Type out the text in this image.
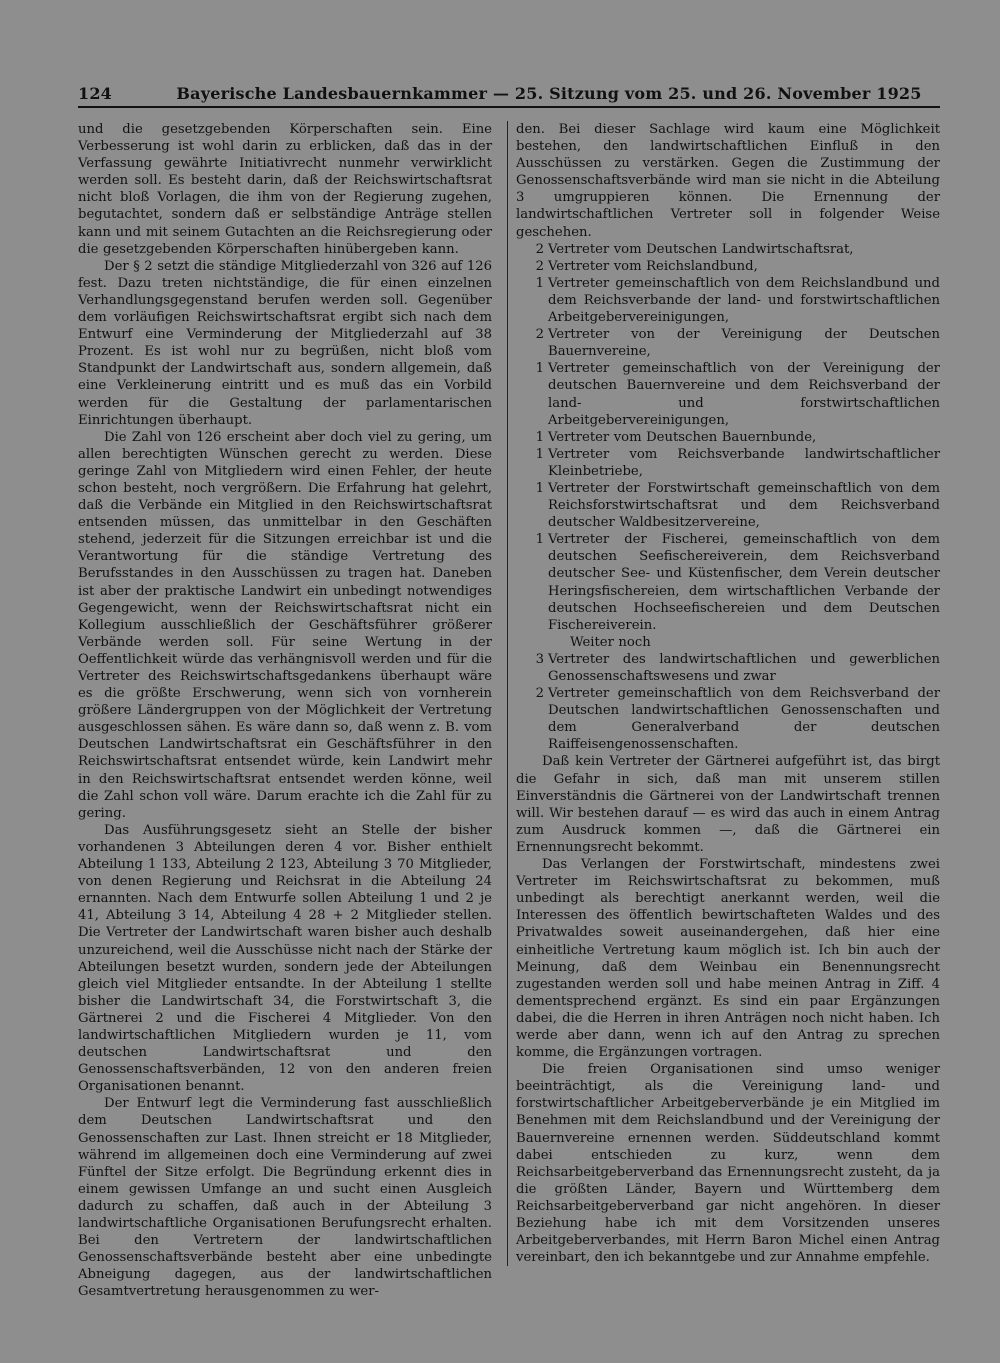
124	Bayerische Landesbauernkammer — 25. Sitzung vom 25. und 26. November 1925

und die gesetzgebenden Körperschaften sein. Eine Verbesserung ist wohl darin zu erblicken, daß das in der Verfassung gewährte Initiativrecht nunmehr verwirklicht werden soll. Es besteht darin, daß der Reichswirtschaftsrat nicht bloß Vorlagen, die ihm von der Regierung zugehen, begutachtet, sondern daß er selbständige Anträge stellen kann und mit seinem Gutachten an die Reichsregierung oder die gesetzgebenden Körperschaften hinübergeben kann.

Der § 2 setzt die ständige Mitgliederzahl von 326 auf 126 fest. Dazu treten nichtständige, die für einen einzelnen Verhandlungsgegenstand berufen werden soll. Gegenüber dem vorläufigen Reichswirtschaftsrat ergibt sich nach dem Entwurf eine Verminderung der Mitgliederzahl auf 38 Prozent. Es ist wohl nur zu begrüßen, nicht bloß vom Standpunkt der Landwirtschaft aus, sondern allgemein, daß eine Verkleinerung eintritt und es muß das ein Vorbild werden für die Gestaltung der parlamentarischen Einrichtungen überhaupt.

Die Zahl von 126 erscheint aber doch viel zu gering, um allen berechtigten Wünschen gerecht zu werden. Diese geringe Zahl von Mitgliedern wird einen Fehler, der heute schon besteht, noch vergrößern. Die Erfahrung hat gelehrt, daß die Verbände ein Mitglied in den Reichswirtschaftsrat entsenden müssen, das unmittelbar in den Geschäften stehend, jederzeit für die Sitzungen erreichbar ist und die Verantwortung für die ständige Vertretung des Berufsstandes in den Ausschüssen zu tragen hat. Daneben ist aber der praktische Landwirt ein unbedingt notwendiges Gegengewicht, wenn der Reichswirtschaftsrat nicht ein Kollegium ausschließlich der Geschäftsführer größerer Verbände werden soll. Für seine Wertung in der Oeffentlichkeit würde das verhängnisvoll werden und für die Vertreter des Reichswirtschaftsgedankens überhaupt wäre es die größte Erschwerung, wenn sich von vornherein größere Ländergruppen von der Möglichkeit der Vertretung ausgeschlossen sähen. Es wäre dann so, daß wenn z. B. vom Deutschen Landwirtschaftsrat ein Geschäftsführer in den Reichswirtschaftsrat entsendet würde, kein Landwirt mehr in den Reichswirtschaftsrat entsendet werden könne, weil die Zahl schon voll wäre. Darum erachte ich die Zahl für zu gering.

Das Ausführungsgesetz sieht an Stelle der bisher vorhandenen 3 Abteilungen deren 4 vor. Bisher enthielt Abteilung 1 133, Abteilung 2 123, Abteilung 3 70 Mitglieder, von denen Regierung und Reichsrat in die Abteilung 24 ernannten. Nach dem Entwurfe sollen Abteilung 1 und 2 je 41, Abteilung 3 14, Abteilung 4 28 + 2 Mitglieder stellen. Die Vertreter der Landwirtschaft waren bisher auch deshalb unzureichend, weil die Ausschüsse nicht nach der Stärke der Abteilungen besetzt wurden, sondern jede der Abteilungen gleich viel Mitglieder entsandte. In der Abteilung 1 stellte bisher die Landwirtschaft 34, die Forstwirtschaft 3, die Gärtnerei 2 und die Fischerei 4 Mitglieder. Von den landwirtschaftlichen Mitgliedern wurden je 11, vom deutschen Landwirtschaftsrat und den Genossenschaftsverbänden, 12 von den anderen freien Organisationen benannt.

Der Entwurf legt die Verminderung fast ausschließlich dem Deutschen Landwirtschaftsrat und den Genossenschaften zur Last. Ihnen streicht er 18 Mitglieder, während im allgemeinen doch eine Verminderung auf zwei Fünftel der Sitze erfolgt. Die Begründung erkennt dies in einem gewissen Umfange an und sucht einen Ausgleich dadurch zu schaffen, daß auch in der Abteilung 3 landwirtschaftliche Organisationen Berufungsrecht erhalten. Bei den Vertretern der landwirtschaftlichen Genossenschaftsverbände besteht aber eine unbedingte Abneigung dagegen, aus der landwirtschaftlichen Gesamtvertretung herausgenommen zu wer-

den. Bei dieser Sachlage wird kaum eine Möglichkeit bestehen, den landwirtschaftlichen Einfluß in den Ausschüssen zu verstärken. Gegen die Zustimmung der Genossenschaftsverbände wird man sie nicht in die Abteilung 3 umgruppieren können. Die Ernennung der landwirtschaftlichen Vertreter soll in folgender Weise geschehen.

2 Vertreter vom Deutschen Landwirtschaftsrat,
2 Vertreter vom Reichslandbund,
1 Vertreter gemeinschaftlich von dem Reichslandbund und dem Reichsverbande der land- und forstwirtschaftlichen Arbeitgebervereinigungen,
2 Vertreter von der Vereinigung der Deutschen Bauernvereine,
1 Vertreter gemeinschaftlich von der Vereinigung der deutschen Bauernvereine und dem Reichsverband der land- und forstwirtschaftlichen Arbeitgebervereinigungen,
1 Vertreter vom Deutschen Bauernbunde,
1 Vertreter vom Reichsverbande landwirtschaftlicher Kleinbetriebe,
1 Vertreter der Forstwirtschaft gemeinschaftlich von dem Reichsforstwirtschaftsrat und dem Reichsverband deutscher Waldbesitzervereine,
1 Vertreter der Fischerei, gemeinschaftlich von dem deutschen Seefischereiverein, dem Reichsverband deutscher See- und Küstenfischer, dem Verein deutscher Heringsfischereien, dem wirtschaftlichen Verbande der deutschen Hochseefischereien und dem Deutschen Fischereiverein.

Weiter noch

3 Vertreter des landwirtschaftlichen und gewerblichen Genossenschaftswesens und zwar
2 Vertreter gemeinschaftlich von dem Reichsverband der Deutschen landwirtschaftlichen Genossenschaften und dem Generalverband der deutschen Raiffeisengenossenschaften.

Daß kein Vertreter der Gärtnerei aufgeführt ist, das birgt die Gefahr in sich, daß man mit unserem stillen Einverständnis die Gärtnerei von der Landwirtschaft trennen will. Wir bestehen darauf — es wird das auch in einem Antrag zum Ausdruck kommen —, daß die Gärtnerei ein Ernennungsrecht bekommt.

Das Verlangen der Forstwirtschaft, mindestens zwei Vertreter im Reichswirtschaftsrat zu bekommen, muß unbedingt als berechtigt anerkannt werden, weil die Interessen des öffentlich bewirtschafteten Waldes und des Privatwaldes soweit auseinandergehen, daß hier eine einheitliche Vertretung kaum möglich ist. Ich bin auch der Meinung, daß dem Weinbau ein Benennungsrecht zugestanden werden soll und habe meinen Antrag in Ziff. 4 dementsprechend ergänzt. Es sind ein paar Ergänzungen dabei, die die Herren in ihren Anträgen noch nicht haben. Ich werde aber dann, wenn ich auf den Antrag zu sprechen komme, die Ergänzungen vortragen.

Die freien Organisationen sind umso weniger beeinträchtigt, als die Vereinigung land- und forstwirtschaftlicher Arbeitgeberverbände je ein Mitglied im Benehmen mit dem Reichslandbund und der Vereinigung der Bauernvereine ernennen werden. Süddeutschland kommt dabei entschieden zu kurz, wenn dem Reichsarbeitgeberverband das Ernennungsrecht zusteht, da ja die größten Länder, Bayern und Württemberg dem Reichsarbeitgeberverband gar nicht angehören. In dieser Beziehung habe ich mit dem Vorsitzenden unseres Arbeitgeberverbandes, mit Herrn Baron Michel einen Antrag vereinbart, den ich bekanntgebe und zur Annahme empfehle.
